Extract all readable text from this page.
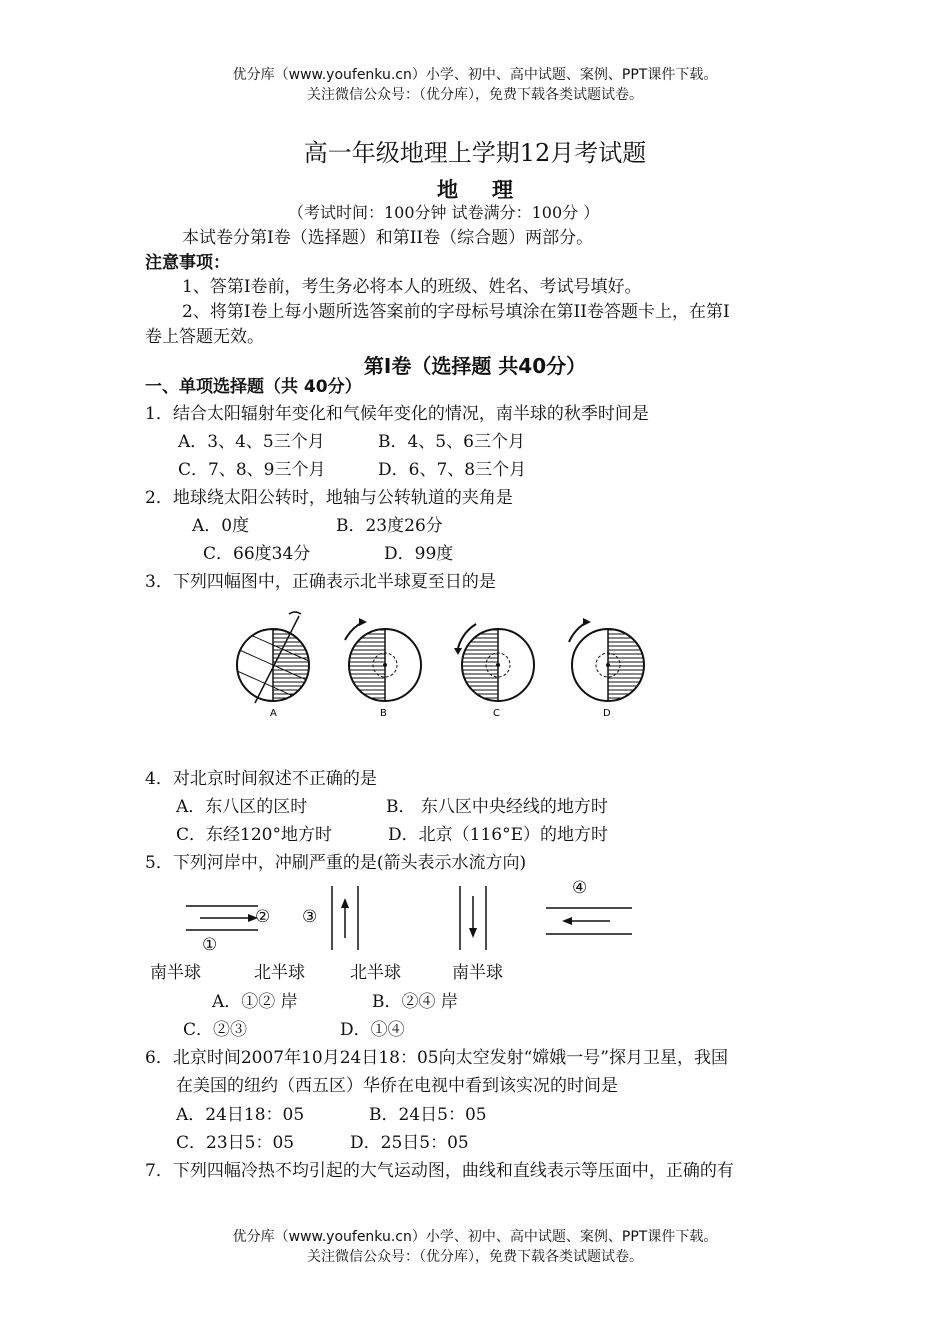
优分库（www.youfenku.cn）小学、初中、高中试题、案例、PPT课件下载。
关注微信公众号：（优分库），免费下载各类试题试卷。
高一年级地理上学期12月考试题
地理
（考试时间：100分钟 试卷满分：100分 ）
本试卷分第I卷（选择题）和第II卷（综合题）两部分。
注意事项：
1、答第I卷前，考生务必将本人的班级、姓名、考试号填好。
2、将第I卷上每小题所选答案前的字母标号填涂在第II卷答题卡上，在第I
卷上答题无效。
第I卷（选择题 共40分）
一、单项选择题（共 40分）
1．结合太阳辐射年变化和气候年变化的情况，南半球的秋季时间是
A．3、4、5三个月	B．4、5、6三个月
C．7、8、9三个月	D．6、7、8三个月
2．地球绕太阳公转时，地轴与公转轨道的夹角是
A．0度	B．23度26分
C．66度34分	D．99度
3．下列四幅图中，正确表示北半球夏至日的是
A	B	C	D
4．对北京时间叙述不正确的是
A．东八区的区时	B． 东八区中央经线的地方时
C．东经120°地方时	D．北京（116°E）的地方时
5．下列河岸中，冲刷严重的是(箭头表示水流方向)
④
② ③
①
南半球	北半球	北半球	南半球
A．①② 岸	B．②④ 岸
C．②③	D．①④
6．北京时间2007年10月24日18：05向太空发射“嫦娥一号”探月卫星，我国
在美国的纽约（西五区）华侨在电视中看到该实况的时间是
A．24日18：05	B．24日5：05
C．23日5：05	D．25日5：05
7．下列四幅冷热不均引起的大气运动图，曲线和直线表示等压面中，正确的有
优分库（www.youfenku.cn）小学、初中、高中试题、案例、PPT课件下载。
关注微信公众号：（优分库），免费下载各类试题试卷。
